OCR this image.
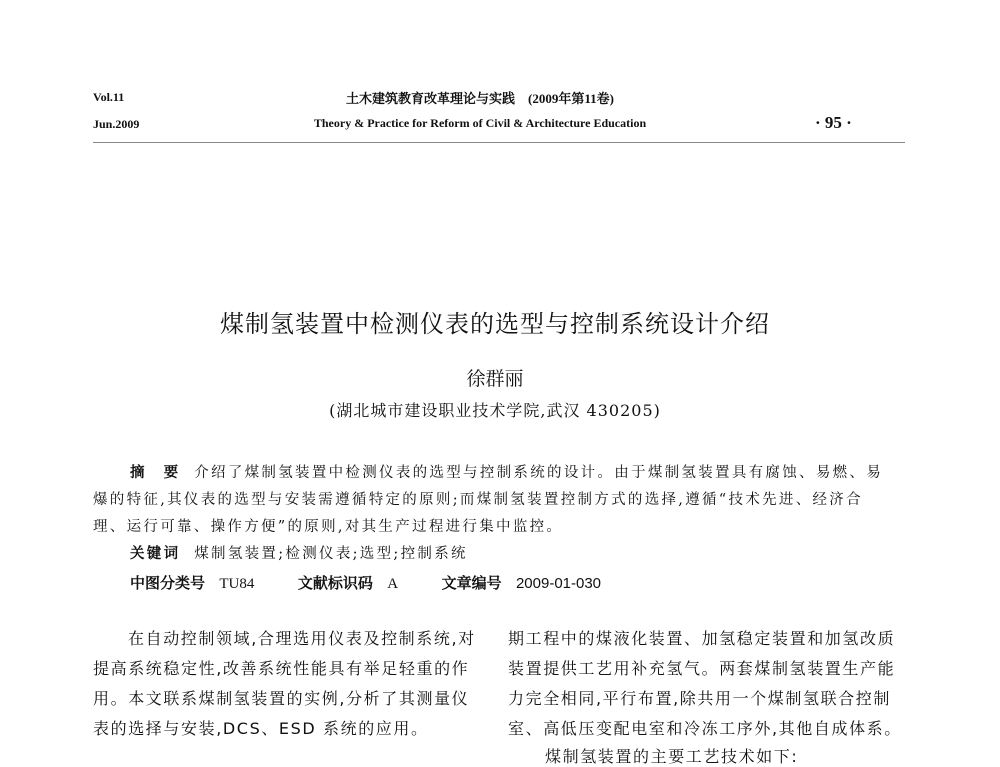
Vol.11
Jun.2009
土木建筑教育改革理论与实践　(2009年第11卷)
Theory & Practice for Reform of Civil & Architecture Education	· 95 ·
煤制氢装置中检测仪表的选型与控制系统设计介绍
徐群丽
(湖北城市建设职业技术学院,武汉 430205)
摘　要 介绍了煤制氢装置中检测仪表的选型与控制系统的设计。由于煤制氢装置具有腐蚀、易燃、易
爆的特征,其仪表的选型与安装需遵循特定的原则;而煤制氢装置控制方式的选择,遵循“技术先进、经济合
理、运行可靠、操作方便”的原则,对其生产过程进行集中监控。
关键词 煤制氢装置;检测仪表;选型;控制系统
中图分类号 TU84	文献标识码 A	文章编号 2009-01-030
在自动控制领域,合理选用仪表及控制系统,对
提高系统稳定性,改善系统性能具有举足轻重的作
用。本文联系煤制氢装置的实例,分析了其测量仪
表的选择与安装,DCS、ESD 系统的应用。
期工程中的煤液化装置、加氢稳定装置和加氢改质
装置提供工艺用补充氢气。两套煤制氢装置生产能
力完全相同,平行布置,除共用一个煤制氢联合控制
室、高低压变配电室和冷冻工序外,其他自成体系。
煤制氢装置的主要工艺技术如下:
